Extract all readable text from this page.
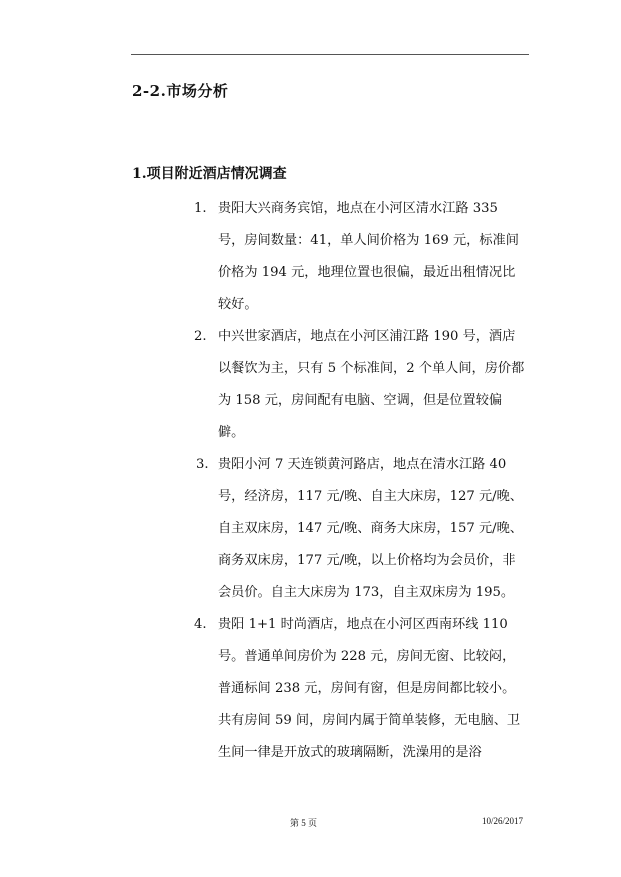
2-2.市场分析
1.项目附近酒店情况调查
1. 贵阳大兴商务宾馆，地点在小河区清水江路 335 号，房间数量：41，单人间价格为 169 元，标准间价格为 194 元，地理位置也很偏，最近出租情况比较好。
2. 中兴世家酒店，地点在小河区浦江路 190 号，酒店以餐饮为主，只有 5 个标准间，2 个单人间，房价都为 158 元，房间配有电脑、空调，但是位置较偏僻。
3. 贵阳小河 7 天连锁黄河路店，地点在清水江路 40 号，经济房，117 元/晚、自主大床房，127 元/晚、自主双床房，147 元/晚、商务大床房，157 元/晚、商务双床房，177 元/晚，以上价格均为会员价，非会员价。自主大床房为 173，自主双床房为 195。
4. 贵阳 1+1 时尚酒店，地点在小河区西南环线 110 号。普通单间房价为 228 元，房间无窗、比较闷，普通标间 238 元，房间有窗，但是房间都比较小。共有房间 59 间，房间内属于简单装修，无电脑、卫生间一律是开放式的玻璃隔断，洗澡用的是浴
第 5 页	10/26/2017
